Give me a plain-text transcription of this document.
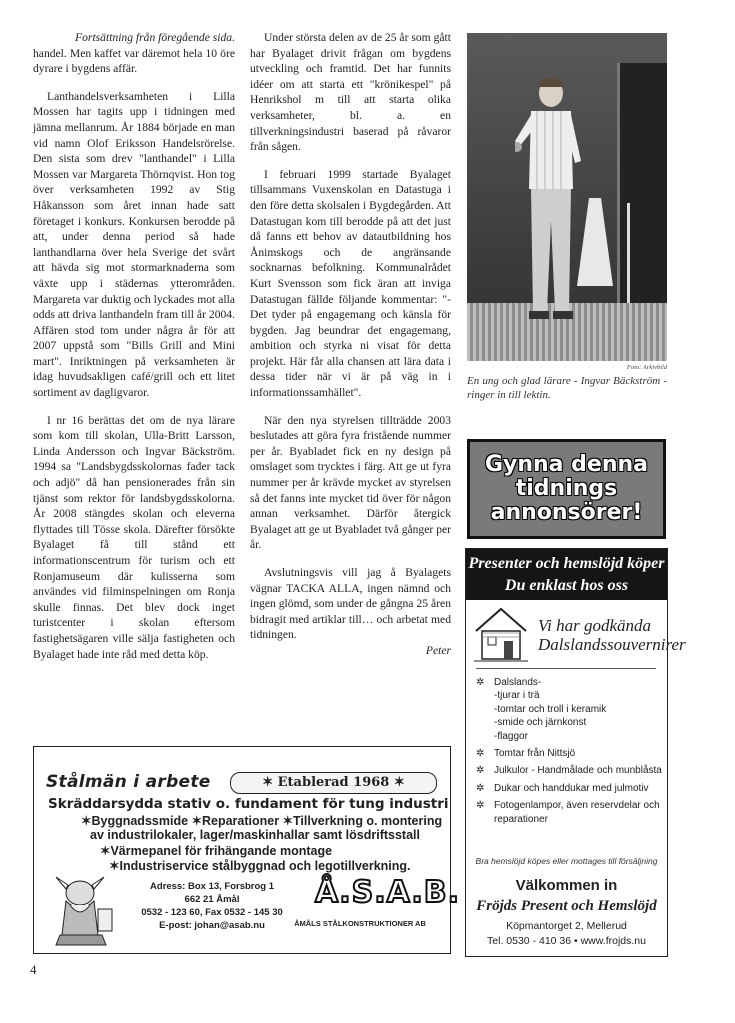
Fortsättning från föregående sida.

handel. Men kaffet var däremot hela 10 öre dyrare i bygdens affär.

Lanthandelsverksamheten i Lilla Mossen har tagits upp i tidningen med jämna mellanrum. År 1884 började en man vid namn Olof Eriksson Handelsrörelse. Den sista som drev "lanthandel" i Lilla Mossen var Margareta Thörnqvist. Hon tog över verksamheten 1992 av Stig Håkansson som året innan hade satt företaget i konkurs. Konkursen berodde på att, under denna period så hade lanthandlarna över hela Sverige det svårt att hävda sig mot stormarknaderna som växte upp i städernas ytterområden. Margareta var duktig och lyckades mot alla odds att driva lanthandeln fram till år 2004. Affären stod tom under några år för att 2007 uppstå som "Bills Grill and Mini mart". Inriktningen på verksamheten är idag huvudsakligen café/grill och ett litet sortiment av dagligvaror.

I nr 16 berättas det om de nya lärare som kom till skolan, Ulla-Britt Larsson, Linda Andersson och Ingvar Bäckström. 1994 sa "Landsbygdsskolornas fader tack och adjö" då han pensionerades från sin tjänst som rektor för landsbygdsskolorna. År 2008 stängdes skolan och eleverna flyttades till Tösse skola. Därefter försökte Byalaget få till stånd ett informationscentrum för turism och ett Ronjamuseum där kulisserna som användes vid filminspelningen om Ronja skulle finnas. Det blev dock inget turistcenter i skolan eftersom fastighetsägaren ville sälja fastigheten och Byalaget hade inte råd med detta köp.

Under största delen av de 25 år som gått har Byalaget drivit frågan om bygdens utveckling och framtid. Det har funnits idéer om att starta ett "krönikespel" på Henrikshol m till att starta olika verksamheter, bl. a. en tillverkningsindustri baserad på råvaror från sågen.

I februari 1999 startade Byalaget tillsammans Vuxenskolan en Datastuga i den före detta skolsalen i Bygdegården. Att Datastugan kom till berodde på att det just då fanns ett behov av datautbildning hos Ånimskogs och de angränsande socknarnas befolkning. Kommunalrådet Kurt Svensson som fick äran att inviga Datastugan fällde följande kommentar: "- Det tyder på engagemang och känsla för bygden. Jag beundrar det engagemang, ambition och styrka ni visat för detta projekt. Här får alla chansen att lära data i dessa tider när vi är på väg in i informationssamhället".

När den nya styrelsen tillträdde 2003 beslutades att göra fyra fristående nummer per år. Byabladet fick en ny design på omslaget som trycktes i färg. Att ge ut fyra nummer per år krävde mycket av styrelsen så det fanns inte mycket tid över för någon annan verksamhet. Därför återgick Byalaget att ge ut Byabladet två gånger per år.

Avslutningsvis vill jag å Byalagets vägnar TACKA ALLA, ingen nämnd och ingen glömd, som under de gångna 25 åren bidragit med artiklar till… och arbetat med tidningen.

Peter

Foto: Arkivbild
En ung och glad lärare - Ingvar Bäckström - ringer in till lektin.
Gynna denna tidnings annonsörer!
Presenter och hemslöjd köper Du enklast hos oss
Vi har godkända
Dalslandssouvernirer
✲ Dalslands-
-tjurar i trä
-tomtar och troll i keramik
-smide och järnkonst
-flaggor
✲ Tomtar från Nittsjö
✲ Julkulor - Handmålade och munblåsta
✲ Dukar och handdukar med julmotiv
✲ Fotogenlampor, även reservdelar och reparationer
Bra hemslöjd köpes eller mottages till försäljning
Välkommen in
Fröjds Present och Hemslöjd
Köpmantorget 2, Mellerud
Tel. 0530 - 410 36 • www.frojds.nu
Stålmän i arbete	✶ Etablerad 1968 ✶
Skräddarsydda stativ o. fundament för tung industri
✶Byggnadssmide ✶Reparationer ✶Tillverkning o. montering
av industrilokaler, lager/maskinhallar samt lösdriftsstall
✶Värmepanel för frihängande montage
✶Industriservice stålbyggnad och legotillverkning.
Adress: Box 13, Forsbrog 1
662 21 Åmål
0532 - 123 60, Fax 0532 - 145 30
E-post: johan@asab.nu
Å.S.A.B.
ÅMÅLS STÅLKONSTRUKTIONER AB
4
